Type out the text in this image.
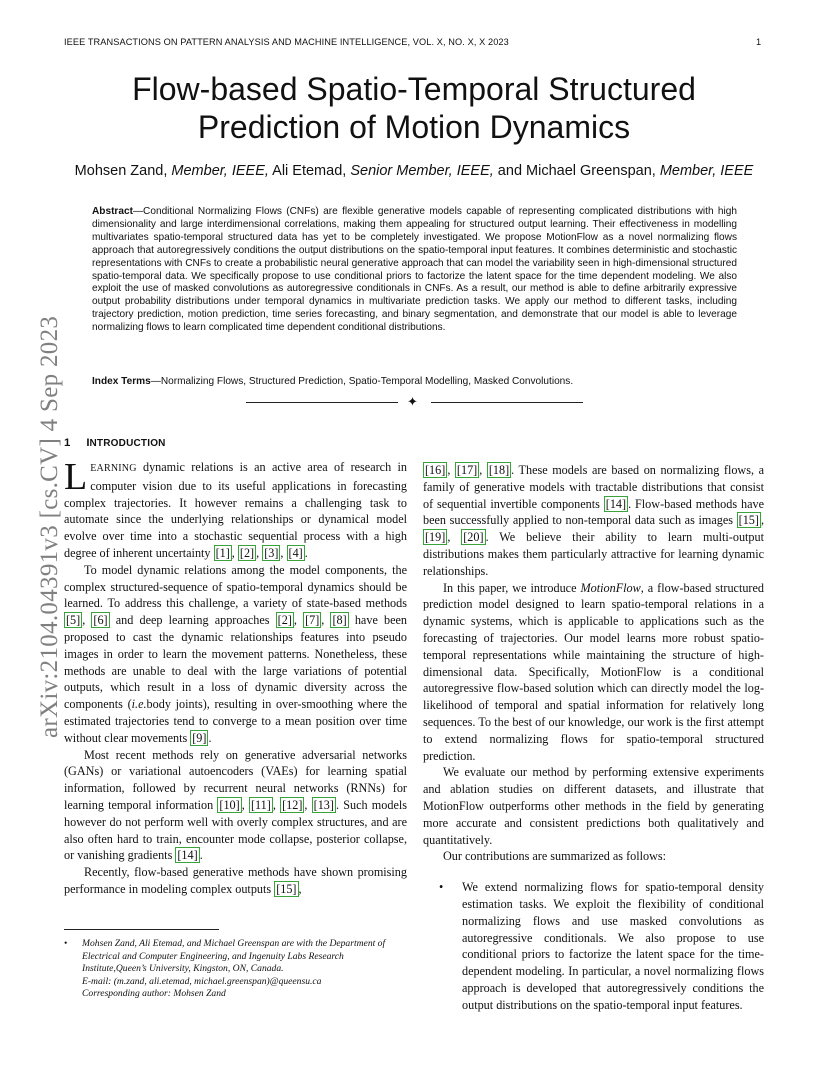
IEEE TRANSACTIONS ON PATTERN ANALYSIS AND MACHINE INTELLIGENCE, VOL. X, NO. X, X 2023	1
Flow-based Spatio-Temporal Structured
Prediction of Motion Dynamics
Mohsen Zand, Member, IEEE, Ali Etemad, Senior Member, IEEE, and Michael Greenspan, Member, IEEE

Abstract—Conditional Normalizing Flows (CNFs) are flexible generative models capable of representing complicated distributions with high dimensionality and large interdimensional correlations, making them appealing for structured output learning. Their effectiveness in modelling multivariates spatio-temporal structured data has yet to be completely investigated. We propose MotionFlow as a novel normalizing flows approach that autoregressively conditions the output distributions on the spatio-temporal input features. It combines deterministic and stochastic representations with CNFs to create a probabilistic neural generative approach that can model the variability seen in high-dimensional structured spatio-temporal data. We specifically propose to use conditional priors to factorize the latent space for the time dependent modeling. We also exploit the use of masked convolutions as autoregressive conditionals in CNFs. As a result, our method is able to define arbitrarily expressive output probability distributions under temporal dynamics in multivariate prediction tasks. We apply our method to different tasks, including trajectory prediction, motion prediction, time series forecasting, and binary segmentation, and demonstrate that our model is able to leverage normalizing flows to learn complicated time dependent conditional distributions.

Index Terms—Normalizing Flows, Structured Prediction, Spatio-Temporal Modelling, Masked Convolutions.

✦
arXiv:2104.04391v3 [cs.CV] 4 Sep 2023 1 INTRODUCTION

LEARNING dynamic relations is an active area of research in computer vision due to its useful applications in forecasting complex trajectories. It however remains a challenging task to automate since the underlying relationships or dynamical model evolve over time into a stochastic sequential process with a high degree of inherent uncertainty [1] , [2] , [3] , [4] .

To model dynamic relations among the model components, the complex structured-sequence of spatio-temporal dynamics should be learned. To address this challenge, a variety of state-based methods [5] , [6] and deep learning approaches [2] , [7] , [8] have been proposed to cast the dynamic relationships features into pseudo images in order to learn the movement patterns. Nonetheless, these methods are unable to deal with the large variations of potential outputs, which result in a loss of dynamic diversity across the components (i.e.body joints), resulting in over-smoothing where the estimated trajectories tend to converge to a mean position over time without clear movements [9] .

Most recent methods rely on generative adversarial networks (GANs) or variational autoencoders (VAEs) for learning spatial information, followed by recurrent neural networks (RNNs) for learning temporal information [10] , [11] , [12] , [13] . Such models however do not perform well with overly complex structures, and are also often hard to train, encounter mode collapse, posterior collapse, or vanishing gradients [14] .

Recently, flow-based generative methods have shown promising performance in modeling complex outputs [15] ,

• Mohsen Zand, Ali Etemad, and Michael Greenspan are with the Department of Electrical and Computer Engineering, and Ingenuity Labs Research Institute,Queen’s University, Kingston, ON, Canada.
E-mail: (m.zand, ali.etemad, michael.greenspan)@queensu.ca
Corresponding author: Mohsen Zand

[16] , [17] , [18] . These models are based on normalizing flows, a family of generative models with tractable distributions that consist of sequential invertible components [14] . Flow-based methods have been successfully applied to non-temporal data such as images [15] , [19] , [20] . We believe their ability to learn multi-output distributions makes them particularly attractive for learning dynamic relationships.

In this paper, we introduce MotionFlow, a flow-based structured prediction model designed to learn spatio-temporal relations in a dynamic systems, which is applicable to applications such as the forecasting of trajectories. Our model learns more robust spatio-temporal representations while maintaining the structure of high-dimensional data. Specifically, MotionFlow is a conditional autoregressive flow-based solution which can directly model the log-likelihood of temporal and spatial information for relatively long sequences. To the best of our knowledge, our work is the first attempt to extend normalizing flows for spatio-temporal structured prediction.

We evaluate our method by performing extensive experiments and ablation studies on different datasets, and illustrate that MotionFlow outperforms other methods in the field by generating more accurate and consistent predictions both qualitatively and quantitatively.

Our contributions are summarized as follows:

• We extend normalizing flows for spatio-temporal density estimation tasks. We exploit the flexibility of conditional normalizing flows and use masked convolutions as autoregressive conditionals. We also propose to use conditional priors to factorize the latent space for the time-dependent modeling. In particular, a novel normalizing flows approach is developed that autoregressively conditions the output distributions on the spatio-temporal input features.
